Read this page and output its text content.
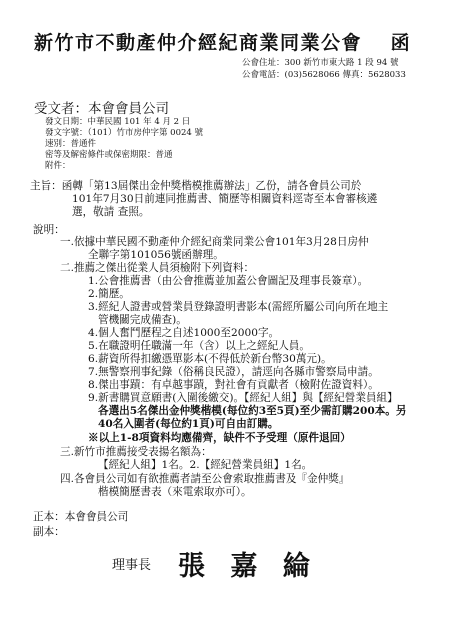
新竹市不動產仲介經紀商業同業公會　 函
公會住址：300 新竹市東大路 1 段 94 號
公會電話：(03)5628066 傳真：5628033
受文者：本會會員公司
發文日期：中華民國 101 年 4 月 2 日
發文字號：（101）竹市房仲字第 0024 號
速別：普通件
密等及解密條件或保密期限：普通
附件：
主旨：函轉「第13屆傑出金仲獎楷模推薦辦法」乙份，請各會員公司於
101年7月30日前連同推薦書、簡歷等相關資料逕寄至本會審核遴
選，敬請 查照。
說明：
一.依據中華民國不動產仲介經紀商業同業公會101年3月28日房仲
全聯字第101056號函辦理。
二.推薦之傑出從業人員須檢附下列資料：
1.公會推薦書（由公會推薦並加蓋公會圖記及理事長簽章）。
2.簡歷。
3.經紀人證書或營業員登錄證明書影本(需經所屬公司向所在地主
管機關完成備查)。
4.個人奮鬥歷程之自述1000至2000字。
5.在職證明任職滿一年（含）以上之經紀人員。
6.薪資所得扣繳憑單影本(不得低於新台幣30萬元)。
7.無警察刑事紀錄（俗稱良民證），請逕向各縣市警察局申請。
8.傑出事蹟：有卓越事蹟，對社會有貢獻者（檢附佐證資料）。
9.新書購買意願書(入圍後繳交)。【經紀人組】與【經紀營業員組】
各選出5名傑出金仲獎楷模(每位約3至5頁)至少需訂購200本。另
40名入圍者(每位約1頁)可自由訂購。
※以上1-8項資料均應備齊，缺件不予受理（原件退回）
三.新竹市推薦接受表揚名額為：
【經紀人組】1名。2.【經紀營業員組】1名。
四.各會員公司如有欲推薦者請至公會索取推薦書及『金仲獎』
楷模簡歷書表（來電索取亦可）。
正本：本會會員公司
副本：
理事長 張 嘉 綸
